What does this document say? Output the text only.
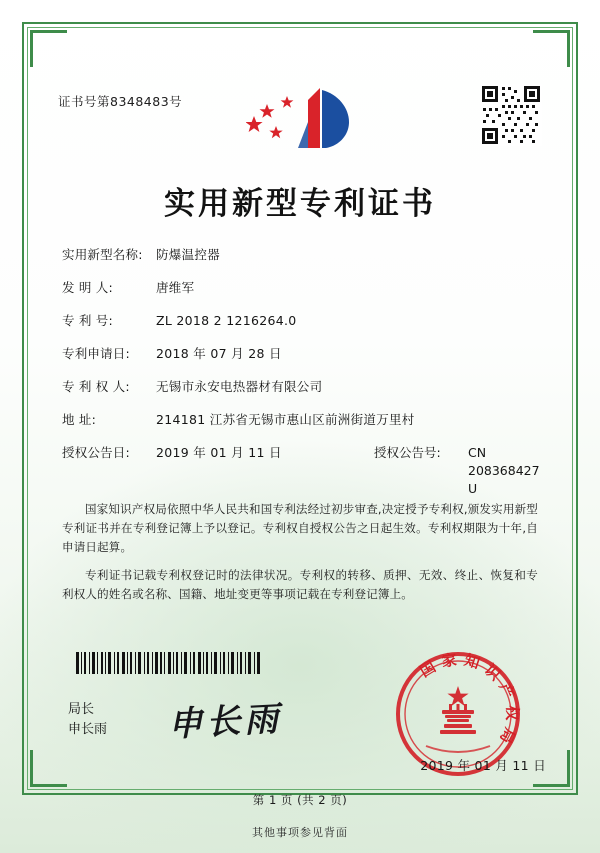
证书号第8348483号
实用新型专利证书
实用新型名称:	防爆温控器
发 明 人:	唐维军
专 利 号:	ZL 2018 2 1216264.0
专利申请日:	2018 年 07 月 28 日
专 利 权 人:	无锡市永安电热器材有限公司
地 址:	214181 江苏省无锡市惠山区前洲街道万里村
授权公告日:	2019 年 01 月 11 日	授权公告号:	CN 208368427 U
国家知识产权局依照中华人民共和国专利法经过初步审查,决定授予专利权,颁发实用新型专利证书并在专利登记簿上予以登记。专利权自授权公告之日起生效。专利权期限为十年,自申请日起算。
专利证书记载专利权登记时的法律状况。专利权的转移、质押、无效、终止、恢复和专利权人的姓名或名称、国籍、地址变更等事项记载在专利登记簿上。
局长
申长雨 申长雨
国家知识产权局
2019 年 01 月 11 日
第 1 页 (共 2 页)
其他事项参见背面
